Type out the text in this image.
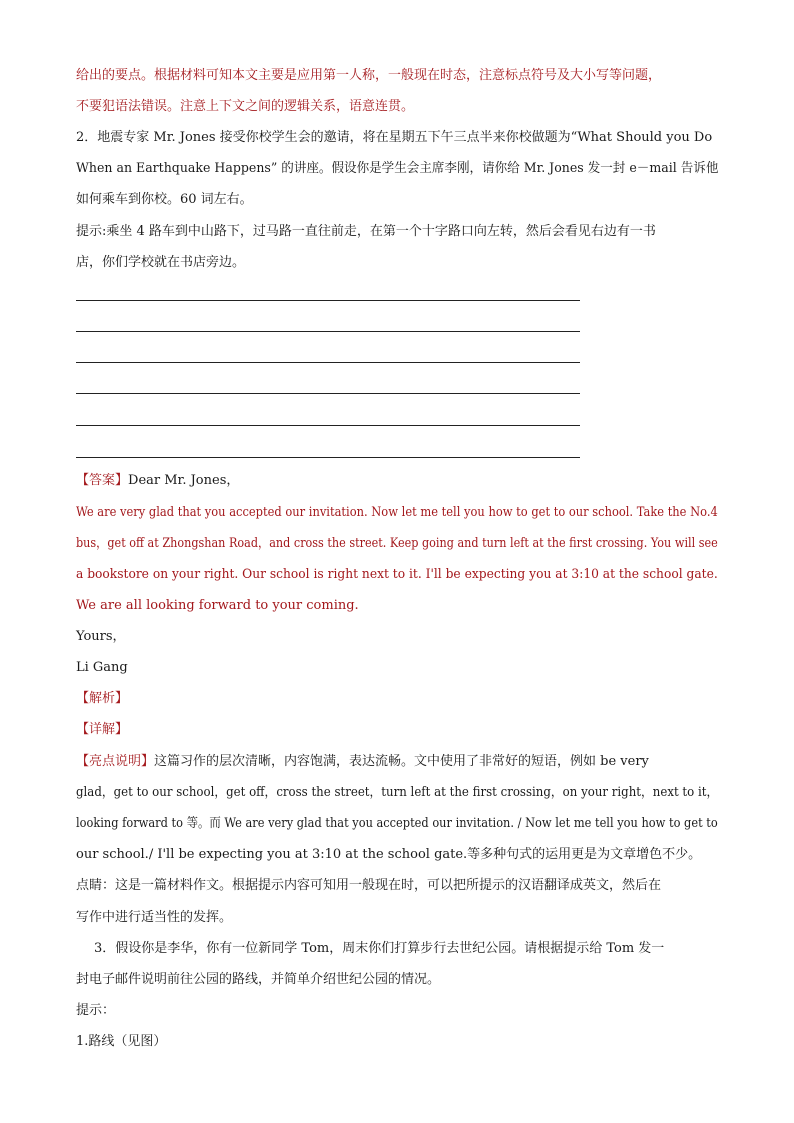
给出的要点。根据材料可知本文主要是应用第一人称，一般现在时态，注意标点符号及大小写等问题，
不要犯语法错误。注意上下文之间的逻辑关系，语意连贯。
2．地震专家 Mr. Jones 接受你校学生会的邀请，将在星期五下午三点半来你校做题为“What Should you Do
When an Earthquake Happens” 的讲座。假设你是学生会主席李刚，请你给 Mr. Jones 发一封 e－mail 告诉他
如何乘车到你校。60 词左右。
提示:乘坐 4 路车到中山路下，过马路一直往前走，在第一个十字路口向左转，然后会看见右边有一书
店，你们学校就在书店旁边。
【答案】Dear Mr. Jones，
We are very glad that you accepted our invitation. Now let me tell you how to get to our school. Take the No.4
bus，get off at Zhongshan Road，and cross the street. Keep going and turn left at the first crossing. You will see
a bookstore on your right. Our school is right next to it. I'll be expecting you at 3:10 at the school gate.
We are all looking forward to your coming.
Yours，
Li Gang
【解析】
【详解】
【亮点说明】这篇习作的层次清晰，内容饱满，表达流畅。文中使用了非常好的短语，例如 be very
glad，get to our school，get off，cross the street，turn left at the first crossing，on your right，next to it，
looking forward to 等。而 We are very glad that you accepted our invitation. / Now let me tell you how to get to
our school./ I'll be expecting you at 3:10 at the school gate.等多种句式的运用更是为文章增色不少。
点睛：这是一篇材料作文。根据提示内容可知用一般现在时，可以把所提示的汉语翻译成英文，然后在
写作中进行适当性的发挥。
3．假设你是李华，你有一位新同学 Tom，周末你们打算步行去世纪公园。请根据提示给 Tom 发一
封电子邮件说明前往公园的路线，并简单介绍世纪公园的情况。
提示：
1.路线（见图）
